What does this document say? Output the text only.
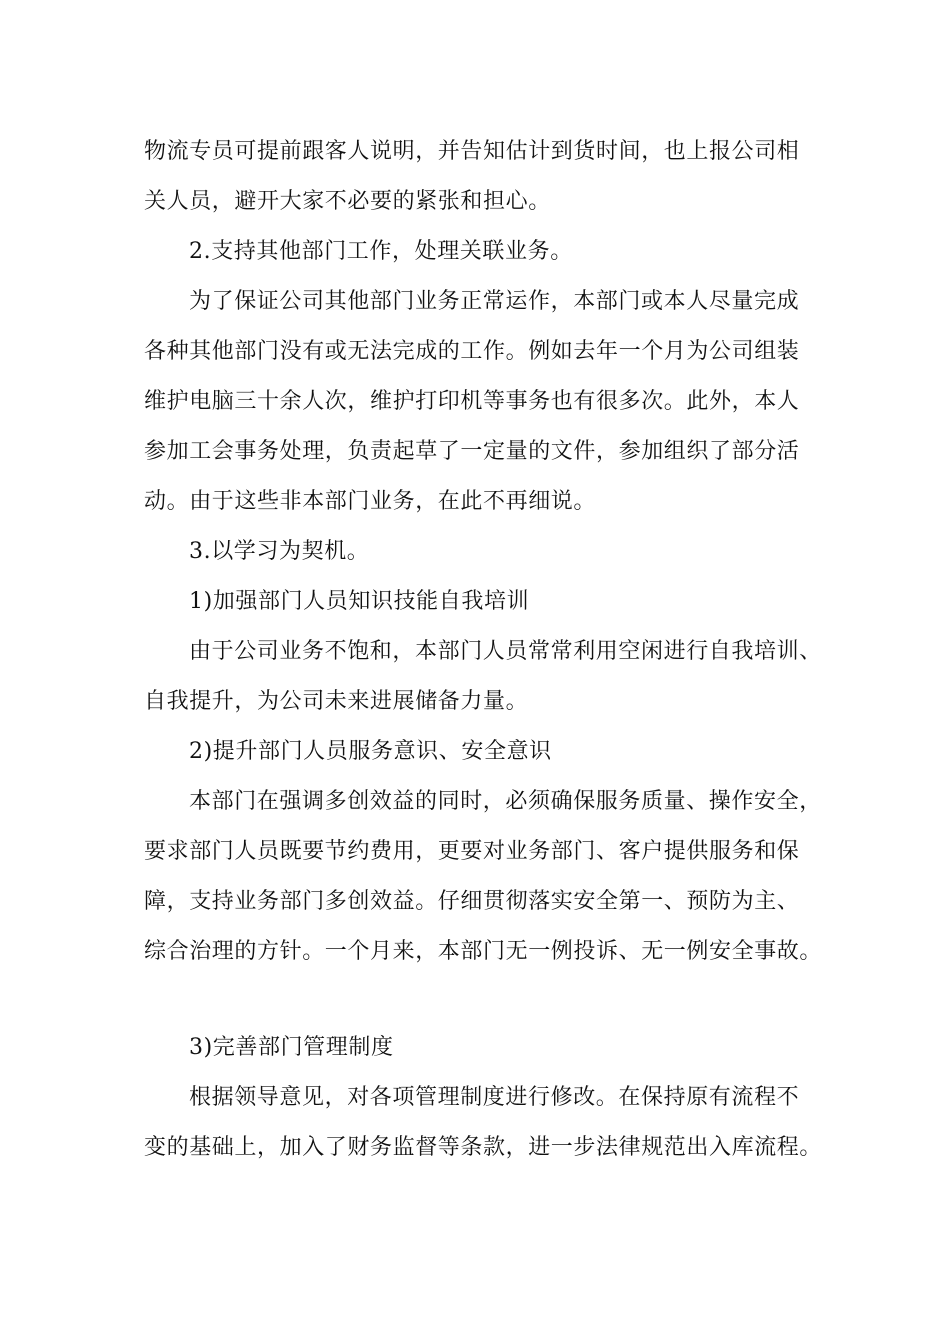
物流专员可提前跟客人说明，并告知估计到货时间，也上报公司相
关人员，避开大家不必要的紧张和担心。
2.支持其他部门工作，处理关联业务。
为了保证公司其他部门业务正常运作，本部门或本人尽量完成
各种其他部门没有或无法完成的工作。例如去年一个月为公司组装
维护电脑三十余人次，维护打印机等事务也有很多次。此外，本人
参加工会事务处理，负责起草了一定量的文件，参加组织了部分活
动。由于这些非本部门业务，在此不再细说。
3.以学习为契机。
1)加强部门人员知识技能自我培训
由于公司业务不饱和，本部门人员常常利用空闲进行自我培训、
自我提升，为公司未来进展储备力量。
2)提升部门人员服务意识、安全意识
本部门在强调多创效益的同时，必须确保服务质量、操作安全，
要求部门人员既要节约费用，更要对业务部门、客户提供服务和保
障，支持业务部门多创效益。仔细贯彻落实安全第一、预防为主、
综合治理的方针。一个月来，本部门无一例投诉、无一例安全事故。
3)完善部门管理制度
根据领导意见，对各项管理制度进行修改。在保持原有流程不
变的基础上，加入了财务监督等条款，进一步法律规范出入库流程。
